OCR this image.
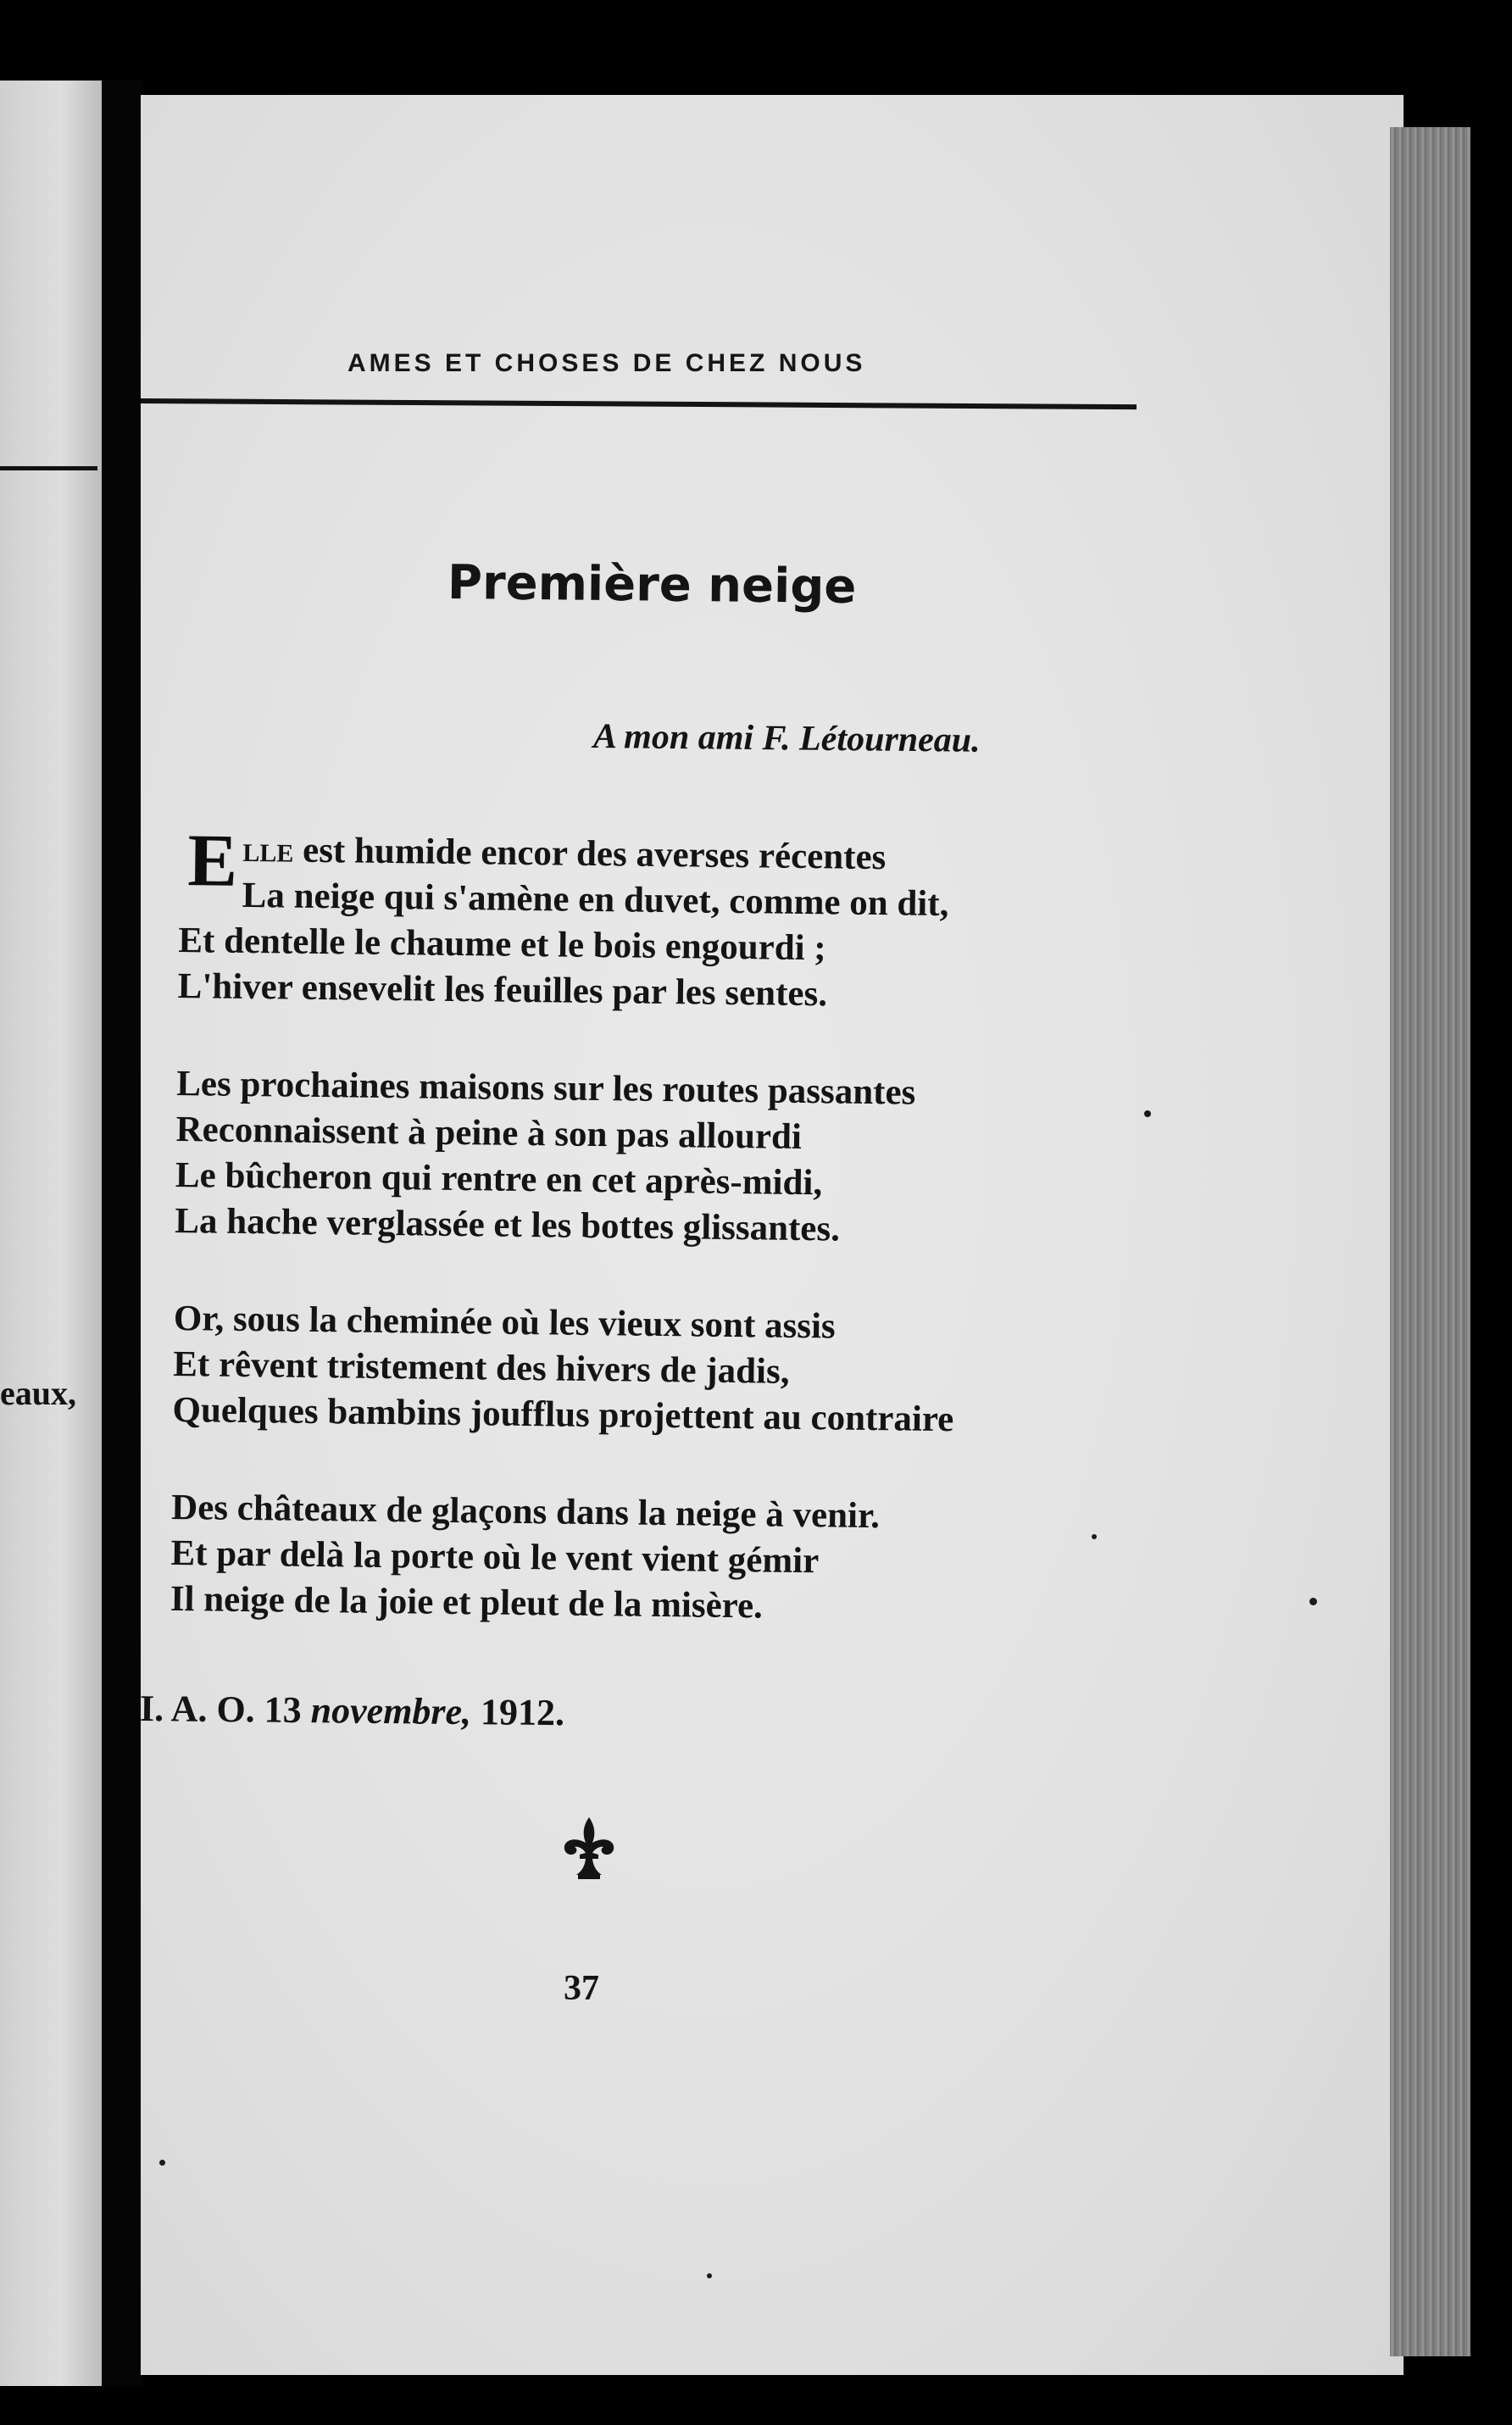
eaux,
AMES ET CHOSES DE CHEZ NOUS
Première neige
A mon ami F. Létourneau.
E lle est humide encor des averses récentes
La neige qui s'amène en duvet, comme on dit,
Et dentelle le chaume et le bois engourdi ;
L'hiver ensevelit les feuilles par les sentes.
Les prochaines maisons sur les routes passantes
Reconnaissent à peine à son pas allourdi
Le bûcheron qui rentre en cet après-midi,
La hache verglassée et les bottes glissantes.
Or, sous la cheminée où les vieux sont assis
Et rêvent tristement des hivers de jadis,
Quelques bambins joufflus projettent au contraire
Des châteaux de glaçons dans la neige à venir.
Et par delà la porte où le vent vient gémir
Il neige de la joie et pleut de la misère.
I. A. O. 13 novembre, 1912.
37
